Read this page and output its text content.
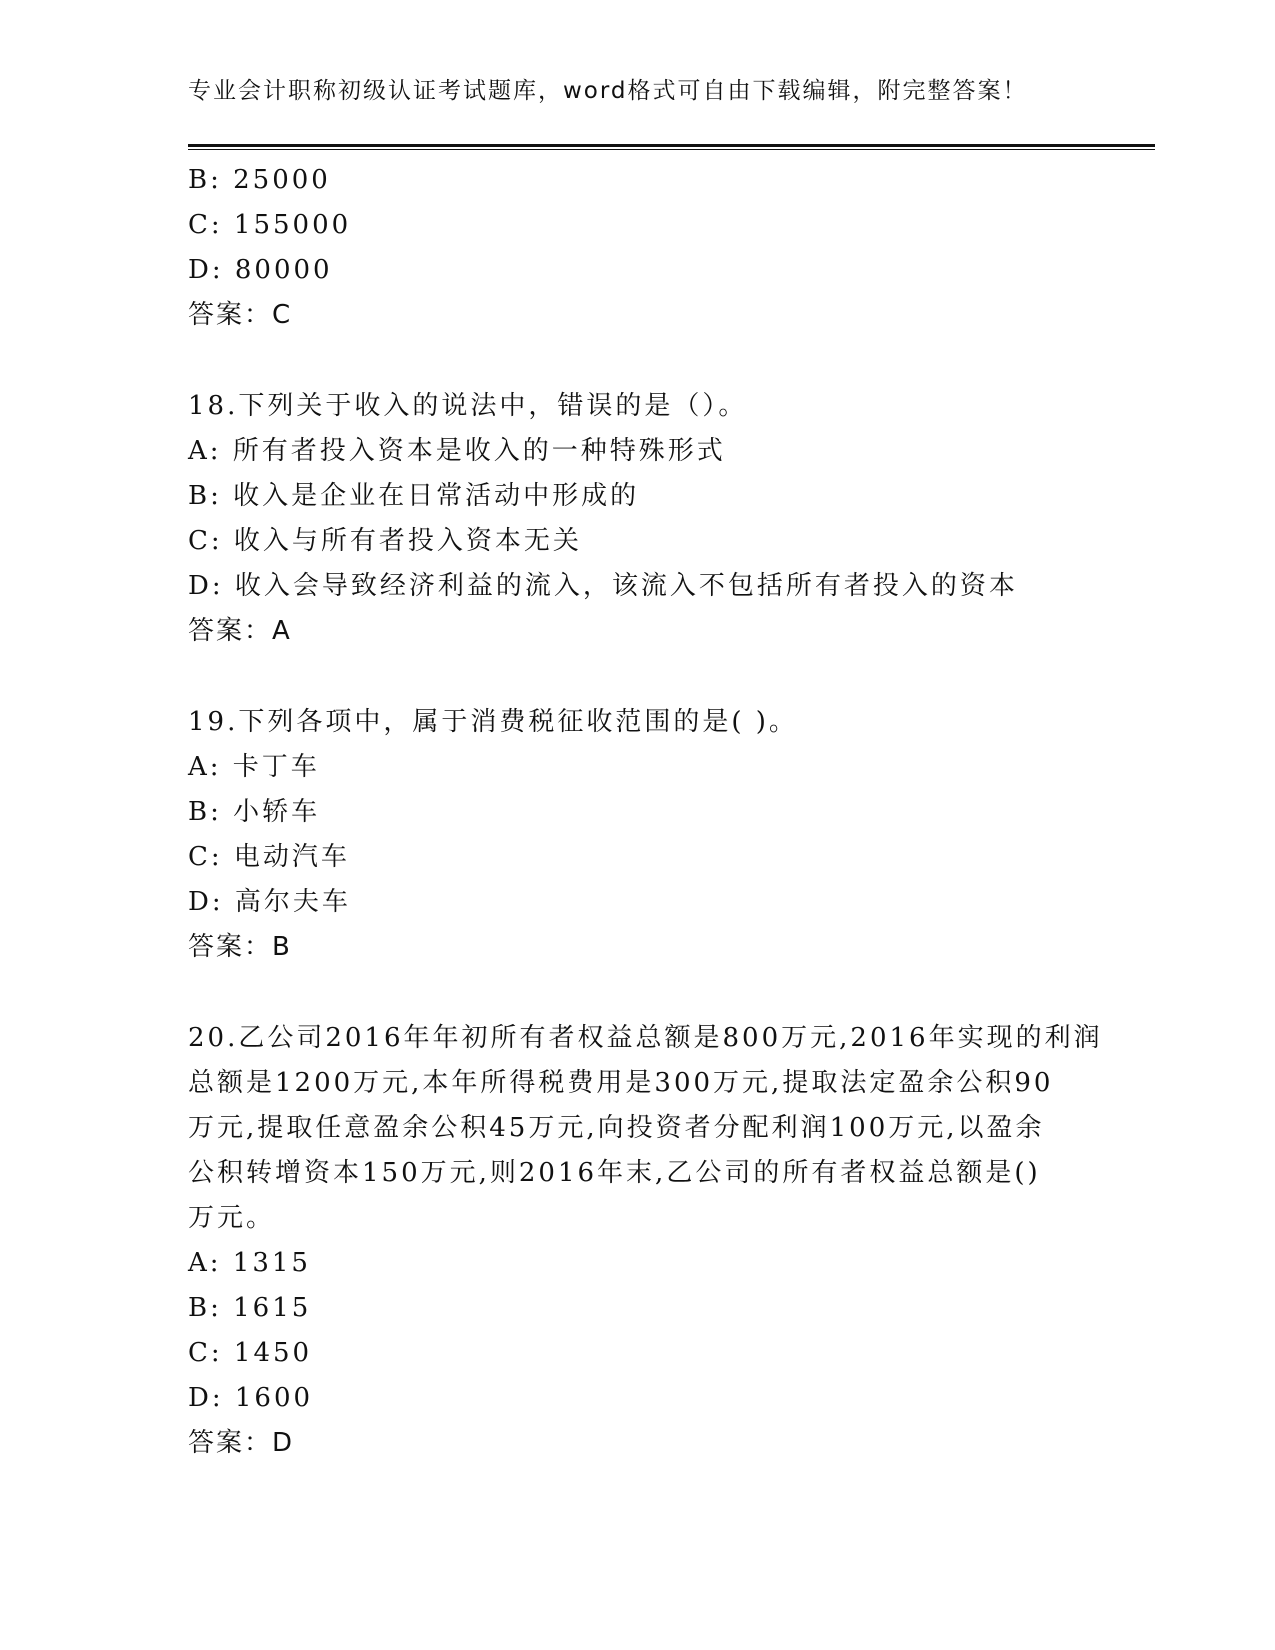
专业会计职称初级认证考试题库，word格式可自由下载编辑，附完整答案！
B: 25000
C: 155000
D: 80000
答案：C
18.下列关于收入的说法中，错误的是（）。
A: 所有者投入资本是收入的一种特殊形式
B: 收入是企业在日常活动中形成的
C: 收入与所有者投入资本无关
D: 收入会导致经济利益的流入，该流入不包括所有者投入的资本
答案：A
19.下列各项中，属于消费税征收范围的是( )。
A: 卡丁车
B: 小轿车
C: 电动汽车
D: 高尔夫车
答案：B
20.乙公司2016年年初所有者权益总额是800万元,2016年实现的利润
总额是1200万元,本年所得税费用是300万元,提取法定盈余公积90
万元,提取任意盈余公积45万元,向投资者分配利润100万元,以盈余
公积转增资本150万元,则2016年末,乙公司的所有者权益总额是()
万元。
A: 1315
B: 1615
C: 1450
D: 1600
答案：D
